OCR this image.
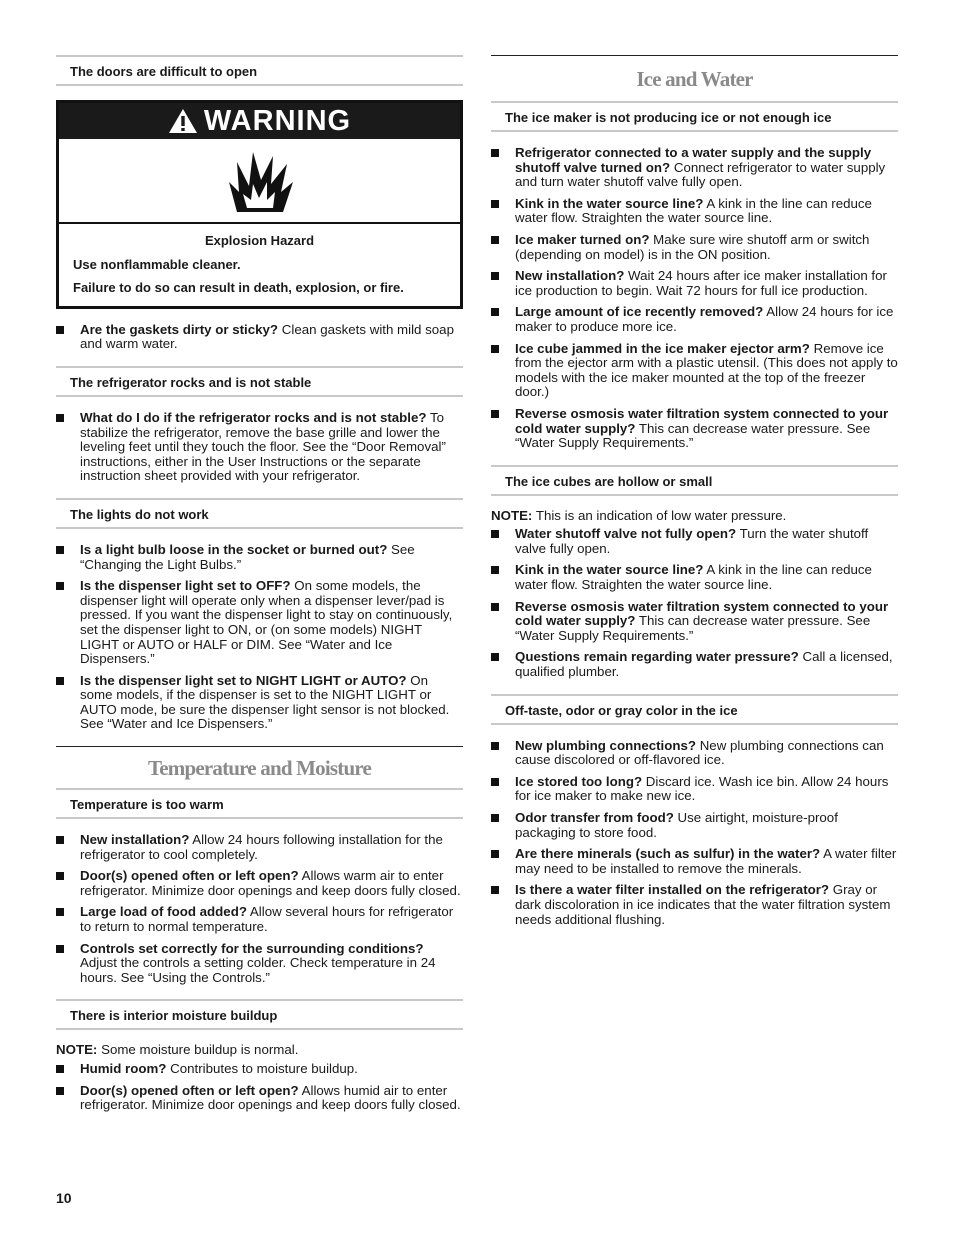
The doors are difficult to open
WARNING
Explosion Hazard

Use nonflammable cleaner.

Failure to do so can result in death, explosion, or fire.

Are the gaskets dirty or sticky? Clean gaskets with mild soap and warm water.
The refrigerator rocks and is not stable
What do I do if the refrigerator rocks and is not stable? To stabilize the refrigerator, remove the base grille and lower the leveling feet until they touch the floor. See the “Door Removal” instructions, either in the User Instructions or the separate instruction sheet provided with your refrigerator.
The lights do not work
Is a light bulb loose in the socket or burned out? See “Changing the Light Bulbs.”
Is the dispenser light set to OFF? On some models, the dispenser light will operate only when a dispenser lever/pad is pressed. If you want the dispenser light to stay on continuously, set the dispenser light to ON, or (on some models) NIGHT LIGHT or AUTO or HALF or DIM. See “Water and Ice Dispensers.”
Is the dispenser light set to NIGHT LIGHT or AUTO? On some models, if the dispenser is set to the NIGHT LIGHT or AUTO mode, be sure the dispenser light sensor is not blocked. See “Water and Ice Dispensers.”
Temperature and Moisture
Temperature is too warm
New installation? Allow 24 hours following installation for the refrigerator to cool completely.
Door(s) opened often or left open? Allows warm air to enter refrigerator. Minimize door openings and keep doors fully closed.
Large load of food added? Allow several hours for refrigerator to return to normal temperature.
Controls set correctly for the surrounding conditions? Adjust the controls a setting colder. Check temperature in 24 hours. See “Using the Controls.”
There is interior moisture buildup
NOTE: Some moisture buildup is normal.
Humid room? Contributes to moisture buildup.
Door(s) opened often or left open? Allows humid air to enter refrigerator. Minimize door openings and keep doors fully closed.
Ice and Water
The ice maker is not producing ice or not enough ice
Refrigerator connected to a water supply and the supply shutoff valve turned on? Connect refrigerator to water supply and turn water shutoff valve fully open.
Kink in the water source line? A kink in the line can reduce water flow. Straighten the water source line.
Ice maker turned on? Make sure wire shutoff arm or switch (depending on model) is in the ON position.
New installation? Wait 24 hours after ice maker installation for ice production to begin. Wait 72 hours for full ice production.
Large amount of ice recently removed? Allow 24 hours for ice maker to produce more ice.
Ice cube jammed in the ice maker ejector arm? Remove ice from the ejector arm with a plastic utensil. (This does not apply to models with the ice maker mounted at the top of the freezer door.)
Reverse osmosis water filtration system connected to your cold water supply? This can decrease water pressure. See “Water Supply Requirements.”
The ice cubes are hollow or small
NOTE: This is an indication of low water pressure.
Water shutoff valve not fully open? Turn the water shutoff valve fully open.
Kink in the water source line? A kink in the line can reduce water flow. Straighten the water source line.
Reverse osmosis water filtration system connected to your cold water supply? This can decrease water pressure. See “Water Supply Requirements.”
Questions remain regarding water pressure? Call a licensed, qualified plumber.
Off-taste, odor or gray color in the ice
New plumbing connections? New plumbing connections can cause discolored or off-flavored ice.
Ice stored too long? Discard ice. Wash ice bin. Allow 24 hours for ice maker to make new ice.
Odor transfer from food? Use airtight, moisture-proof packaging to store food.
Are there minerals (such as sulfur) in the water? A water filter may need to be installed to remove the minerals.
Is there a water filter installed on the refrigerator? Gray or dark discoloration in ice indicates that the water filtration system needs additional flushing.
10
